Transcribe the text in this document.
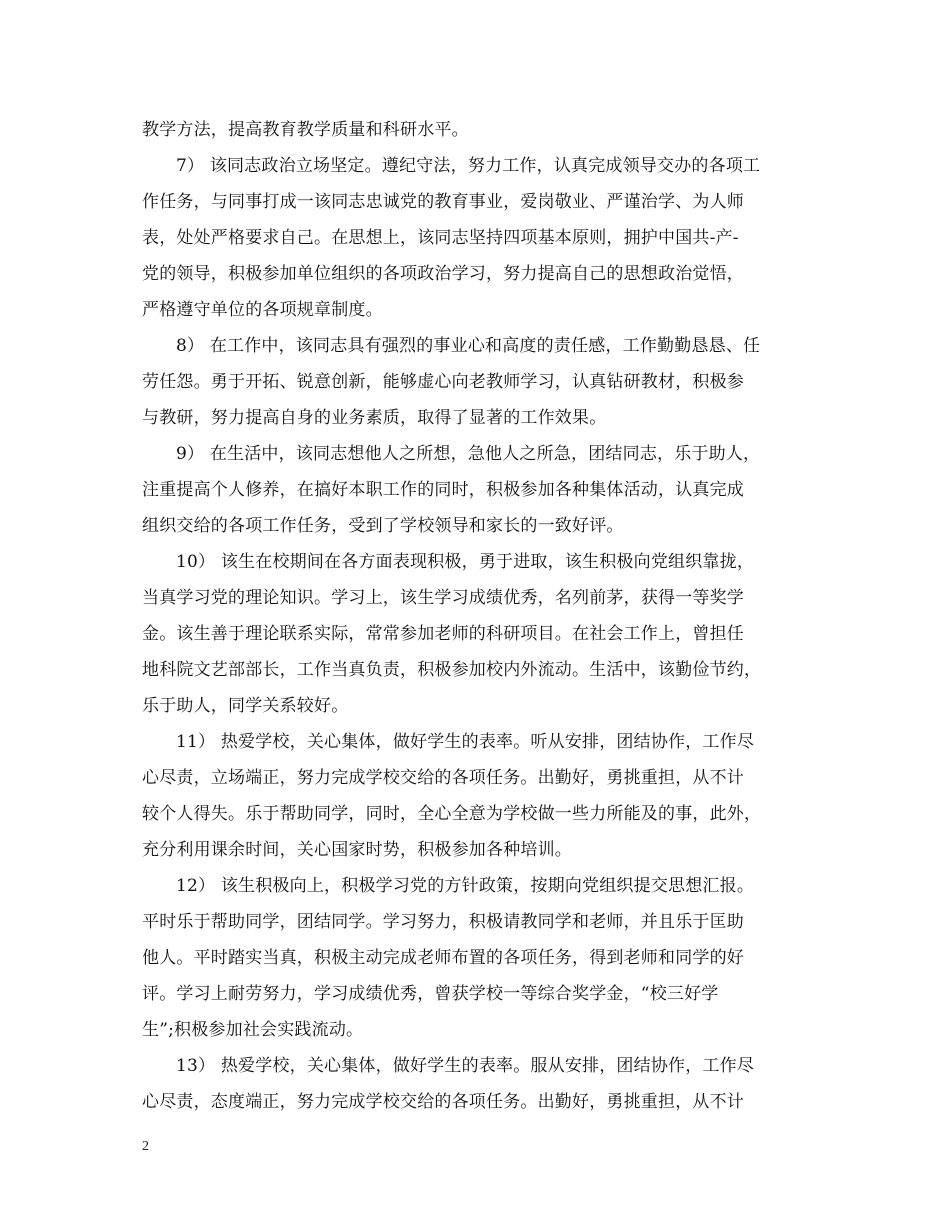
教学方法，提高教育教学质量和科研水平。
7） 该同志政治立场坚定。遵纪守法，努力工作，认真完成领导交办的各项工
作任务，与同事打成一该同志忠诚党的教育事业，爱岗敬业、严谨治学、为人师
表，处处严格要求自己。在思想上，该同志坚持四项基本原则，拥护中国共-产-
党的领导，积极参加单位组织的各项政治学习，努力提高自己的思想政治觉悟，
严格遵守单位的各项规章制度。
8） 在工作中，该同志具有强烈的事业心和高度的责任感，工作勤勤恳恳、任
劳任怨。勇于开拓、锐意创新，能够虚心向老教师学习，认真钻研教材，积极参
与教研，努力提高自身的业务素质，取得了显著的工作效果。
9） 在生活中，该同志想他人之所想，急他人之所急，团结同志，乐于助人，
注重提高个人修养，在搞好本职工作的同时，积极参加各种集体活动，认真完成
组织交给的各项工作任务，受到了学校领导和家长的一致好评。
10） 该生在校期间在各方面表现积极，勇于进取，该生积极向党组织靠拢，
当真学习党的理论知识。学习上，该生学习成绩优秀，名列前茅，获得一等奖学
金。该生善于理论联系实际，常常参加老师的科研项目。在社会工作上，曾担任
地科院文艺部部长，工作当真负责，积极参加校内外流动。生活中，该勤俭节约，
乐于助人，同学关系较好。
11） 热爱学校，关心集体，做好学生的表率。听从安排，团结协作，工作尽
心尽责，立场端正，努力完成学校交给的各项任务。出勤好，勇挑重担，从不计
较个人得失。乐于帮助同学，同时，全心全意为学校做一些力所能及的事，此外，
充分利用课余时间，关心国家时势，积极参加各种培训。
12） 该生积极向上，积极学习党的方针政策，按期向党组织提交思想汇报。
平时乐于帮助同学，团结同学。学习努力，积极请教同学和老师，并且乐于匡助
他人。平时踏实当真，积极主动完成老师布置的各项任务，得到老师和同学的好
评。学习上耐劳努力，学习成绩优秀，曾获学校一等综合奖学金，“校三好学
生”;积极参加社会实践流动。
13） 热爱学校，关心集体，做好学生的表率。服从安排，团结协作，工作尽
心尽责，态度端正，努力完成学校交给的各项任务。出勤好，勇挑重担，从不计
2
